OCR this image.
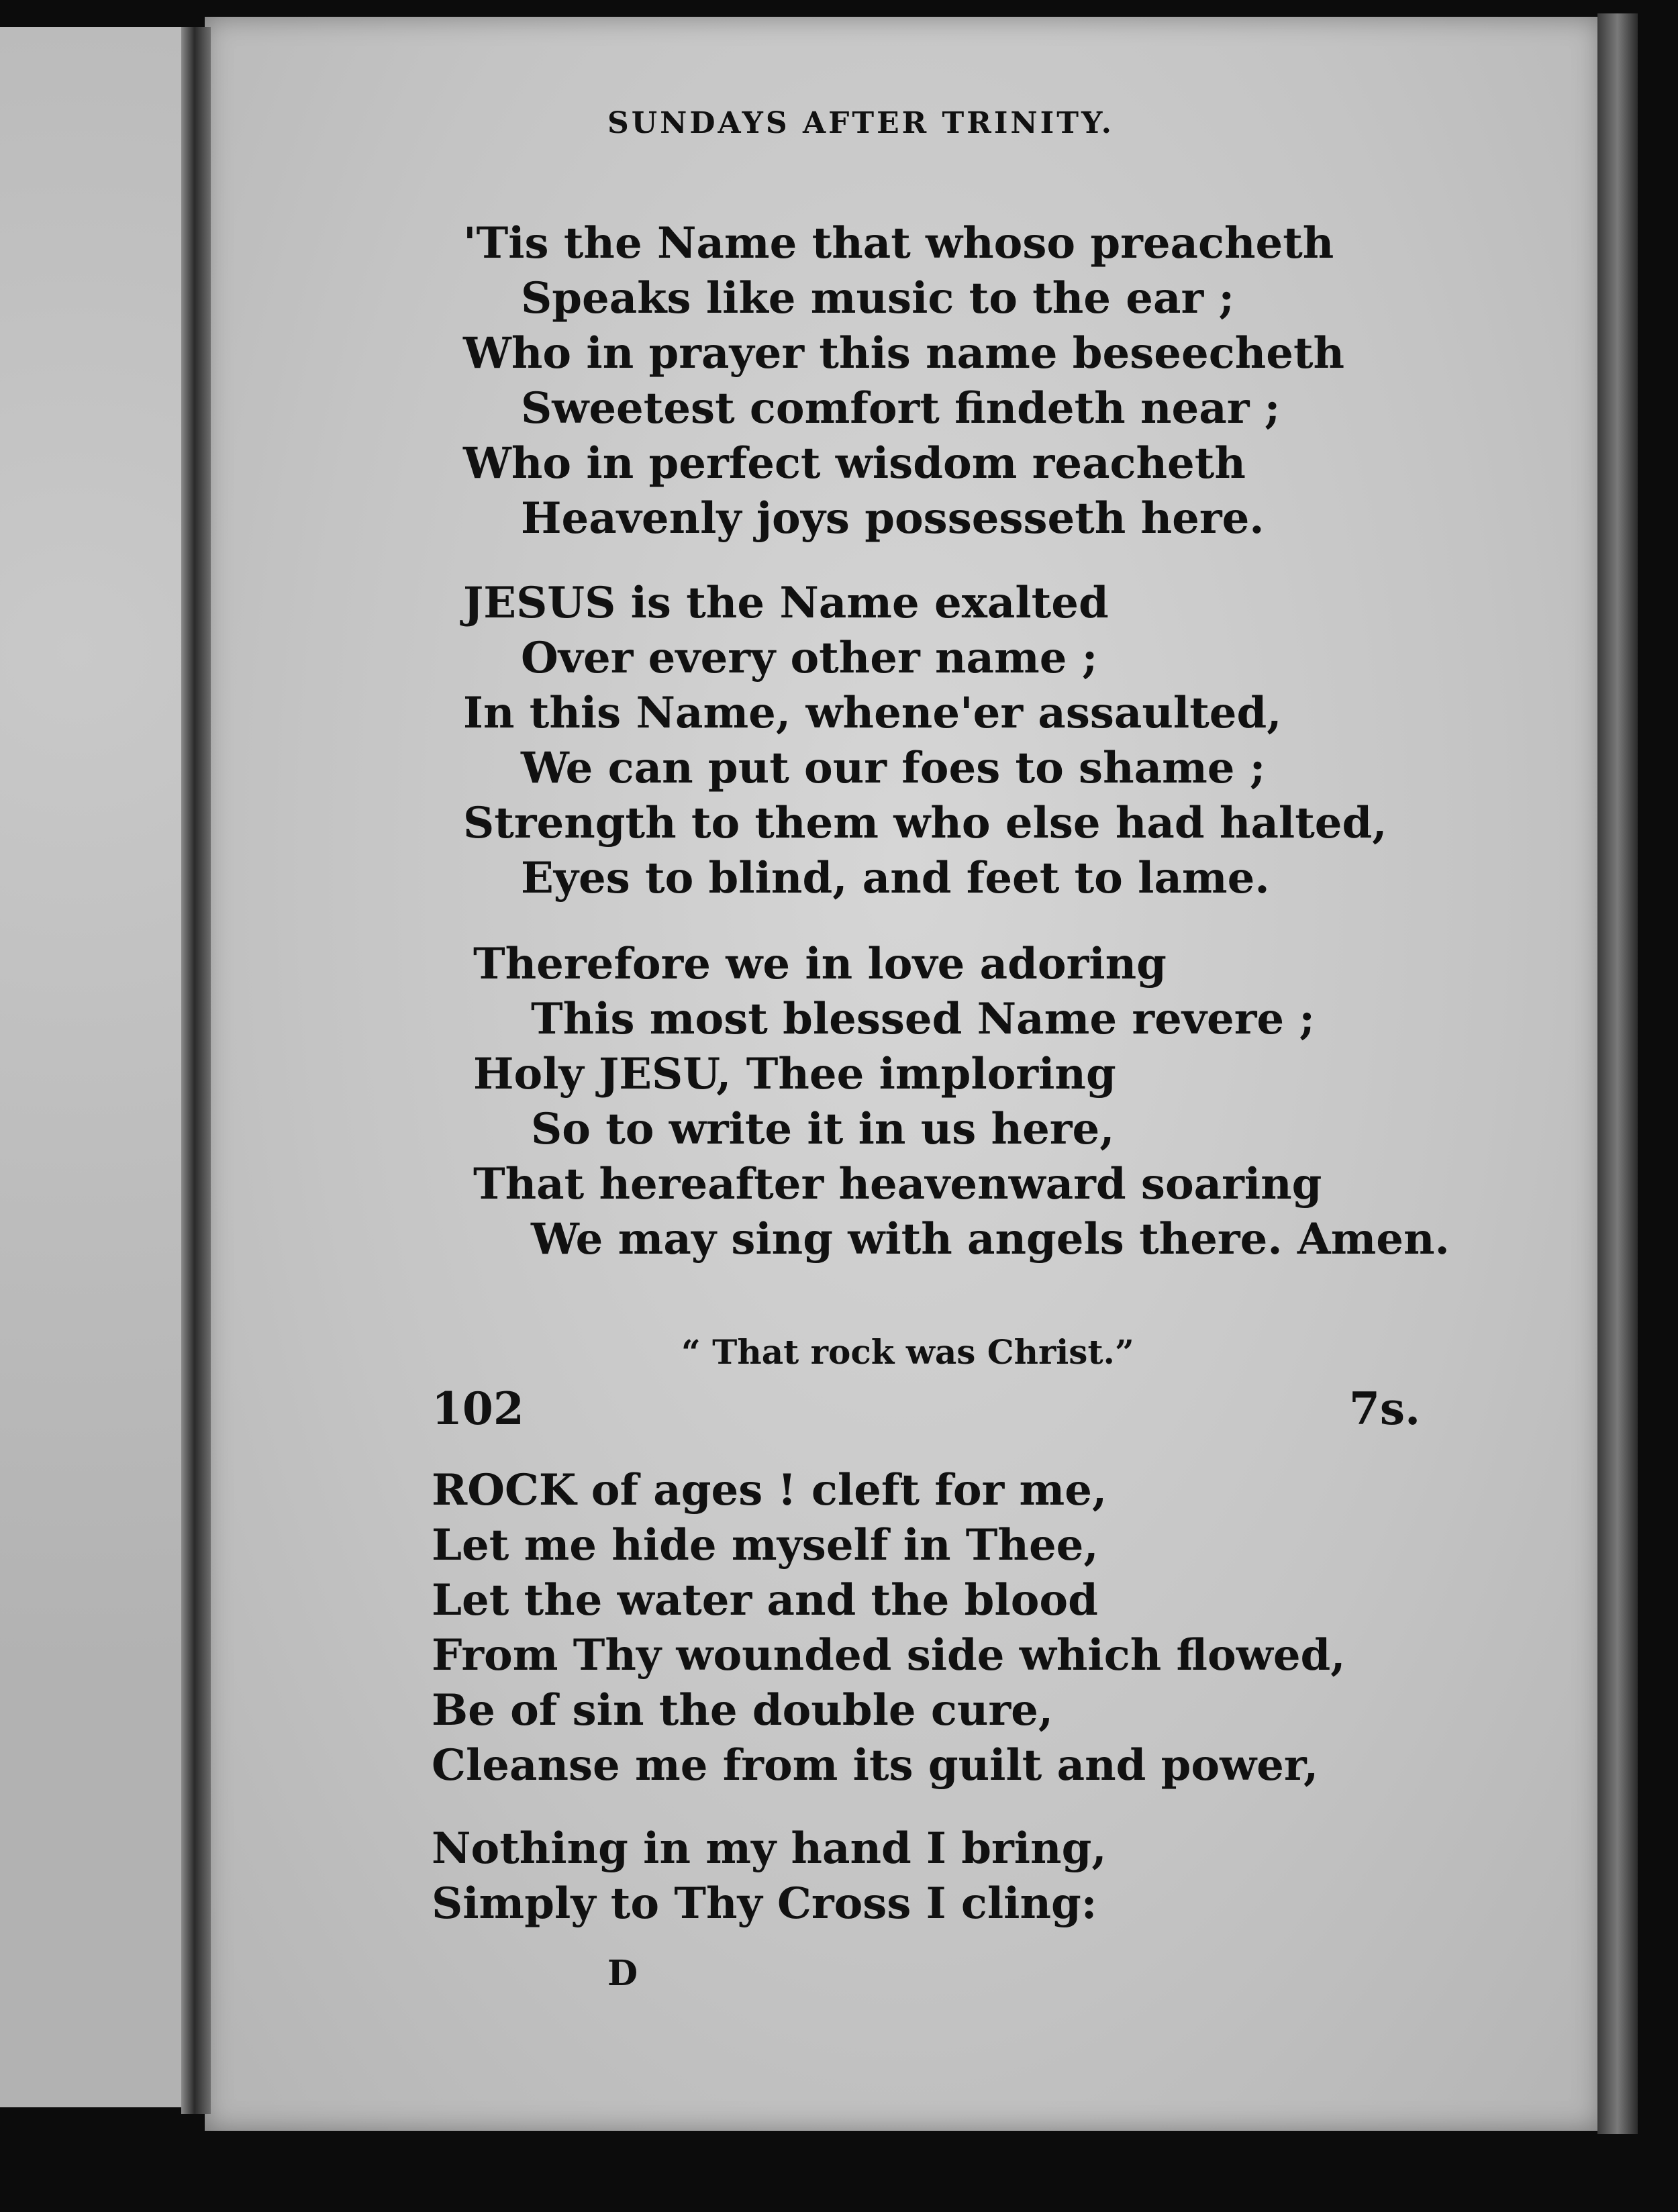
SUNDAYS AFTER TRINITY.
'Tis the Name that whoso preacheth
Speaks like music to the ear ;
Who in prayer this name beseecheth
Sweetest comfort findeth near ;
Who in perfect wisdom reacheth
Heavenly joys possesseth here.
JESUS is the Name exalted
Over every other name ;
In this Name, whene'er assaulted,
We can put our foes to shame ;
Strength to them who else had halted,
Eyes to blind, and feet to lame.
Therefore we in love adoring
This most blessed Name revere ;
Holy JESU, Thee imploring
So to write it in us here,
That hereafter heavenward soaring
We may sing with angels there. Amen.
“ That rock was Christ.”
102	7s.
ROCK of ages ! cleft for me,
Let me hide myself in Thee,
Let the water and the blood
From Thy wounded side which flowed,
Be of sin the double cure,
Cleanse me from its guilt and power,
Nothing in my hand I bring,
Simply to Thy Cross I cling:
D
